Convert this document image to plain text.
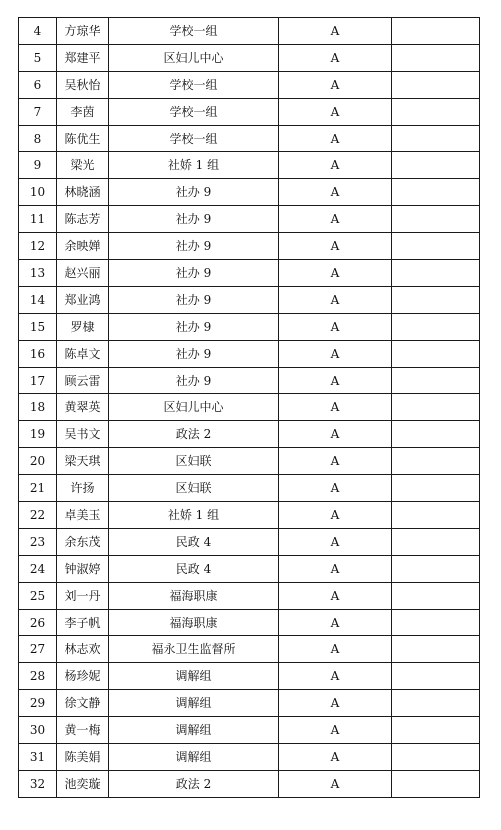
4	方琼华	学校一组	A	
5	郑建平	区妇儿中心	A	
6	吴秋怡	学校一组	A	
7	李茵	学校一组	A	
8	陈优生	学校一组	A	
9	梁光	社娇 1 组	A	
10	林晓涵	社办 9	A	
11	陈志芳	社办 9	A	
12	余映婵	社办 9	A	
13	赵兴丽	社办 9	A	
14	郑业鸿	社办 9	A	
15	罗棣	社办 9	A	
16	陈卓文	社办 9	A	
17	顾云雷	社办 9	A	
18	黄翠英	区妇儿中心	A	
19	吴书文	政法 2	A	
20	梁天琪	区妇联	A	
21	许扬	区妇联	A	
22	卓美玉	社娇 1 组	A	
23	余东茂	民政 4	A	
24	钟淑婷	民政 4	A	
25	刘一丹	福海职康	A	
26	李子帆	福海职康	A	
27	林志欢	福永卫生监督所	A	
28	杨珍妮	调解组	A	
29	徐文静	调解组	A	
30	黄一梅	调解组	A	
31	陈美娟	调解组	A	
32	池奕璇	政法 2	A	
